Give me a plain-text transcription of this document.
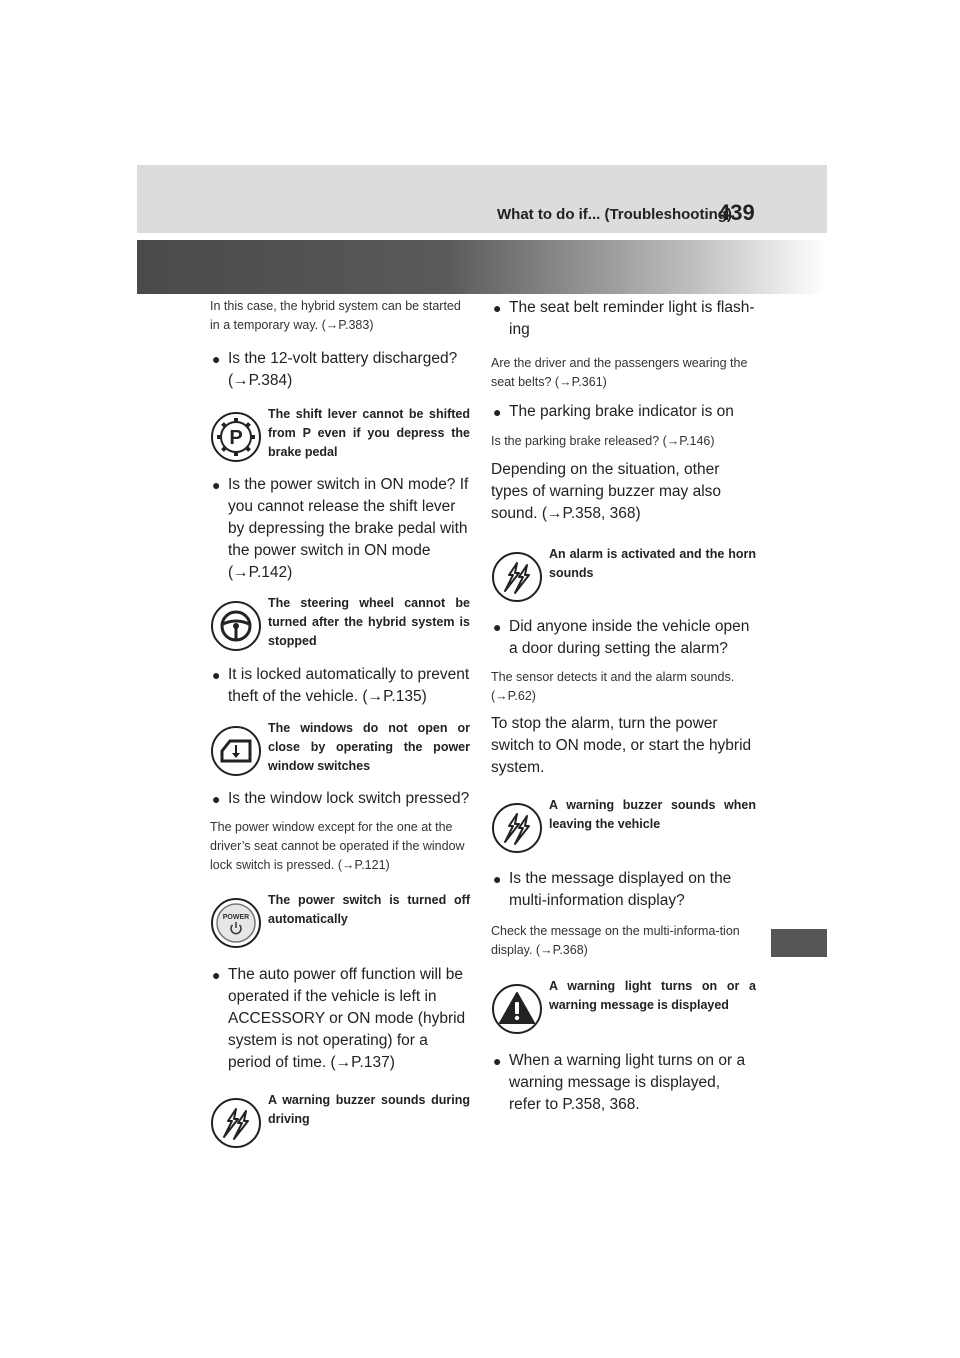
What to do if... (Troubleshooting)
439

In this case, the hybrid system can be started in a temporary way. (→P.383)

● Is the 12-volt battery discharged? (→P.384)
P
The shift lever cannot be shifted from P even if you depress the brake pedal
● Is the power switch in ON mode? If you cannot release the shift lever by depressing the brake pedal with the power switch in ON mode (→P.142)
The steering wheel cannot be turned after the hybrid system is stopped
● It is locked automatically to prevent theft of the vehicle. (→P.135)
The windows do not open or close by operating the power window switches
● Is the window lock switch pressed?

The power window except for the one at the driver’s seat cannot be operated if the window lock switch is pressed. (→P.121)

POWER
The power switch is turned off automatically
● The auto power off function will be operated if the vehicle is left in ACCESSORY or ON mode (hybrid system is not operating) for a period of time. (→P.137)
A warning buzzer sounds during driving
● The seat belt reminder light is flash-ing

Are the driver and the passengers wearing the seat belts? (→P.361)

● The parking brake indicator is on

Is the parking brake released? (→P.146)

Depending on the situation, other types of warning buzzer may also sound. (→P.358, 368)

An alarm is activated and the horn sounds
● Did anyone inside the vehicle open a door during setting the alarm?

The sensor detects it and the alarm sounds. (→P.62)

To stop the alarm, turn the power switch to ON mode, or start the hybrid system.

A warning buzzer sounds when leaving the vehicle
● Is the message displayed on the multi-information display?

Check the message on the multi-informa-tion display. (→P.368)

A warning light turns on or a warning message is displayed
● When a warning light turns on or a warning message is displayed, refer to P.358, 368.
